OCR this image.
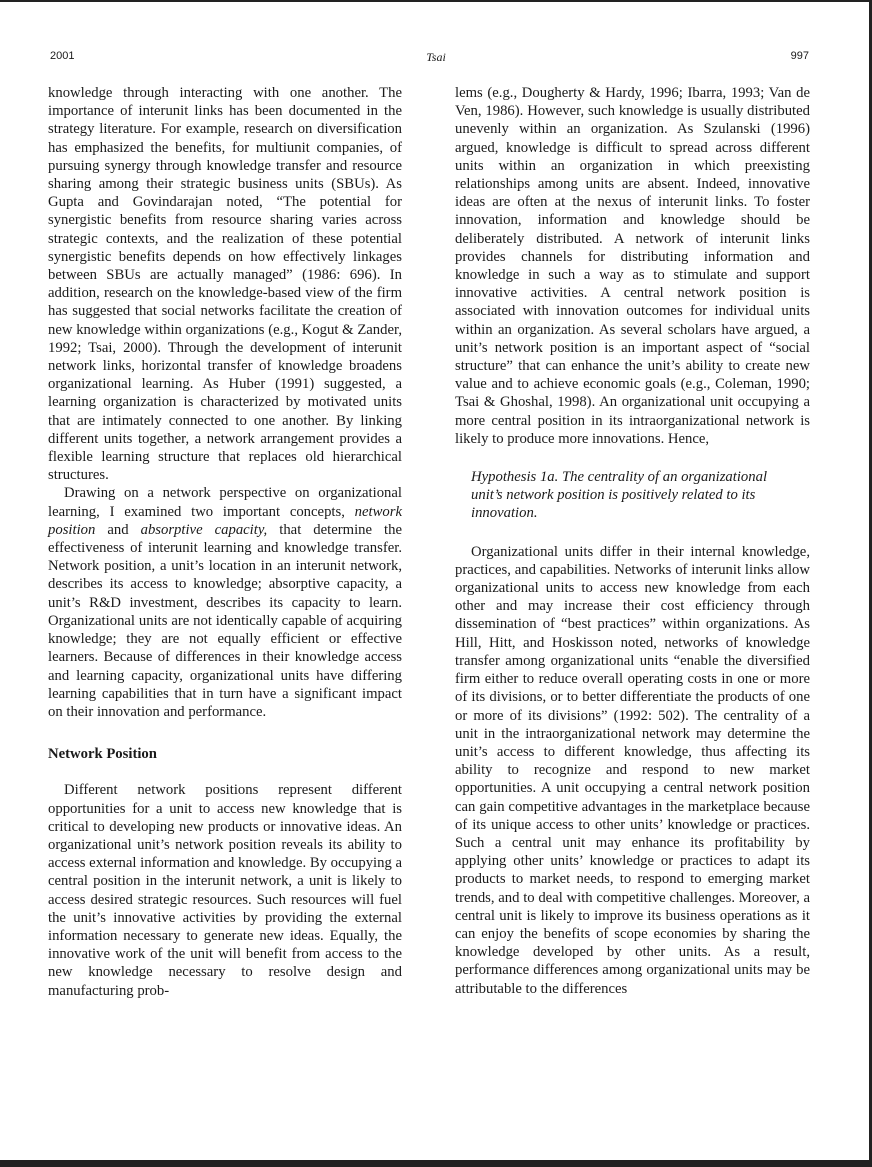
2001	Tsai	997

knowledge through interacting with one another. The importance of interunit links has been documented in the strategy literature. For example, research on diversification has emphasized the benefits, for multiunit companies, of pursuing synergy through knowledge transfer and resource sharing among their strategic business units (SBUs). As Gupta and Govindarajan noted, “The potential for synergistic benefits from resource sharing varies across strategic contexts, and the realization of these potential synergistic benefits depends on how effectively linkages between SBUs are actually managed” (1986: 696). In addition, research on the knowledge-based view of the firm has suggested that social networks facilitate the creation of new knowledge within organizations (e.g., Kogut & Zander, 1992; Tsai, 2000). Through the development of interunit network links, horizontal transfer of knowledge broadens organizational learning. As Huber (1991) suggested, a learning organization is characterized by motivated units that are intimately connected to one another. By linking different units together, a network arrangement provides a flexible learning structure that replaces old hierarchical structures.

Drawing on a network perspective on organizational learning, I examined two important concepts, network position and absorptive capacity, that determine the effectiveness of interunit learning and knowledge transfer. Network position, a unit’s location in an interunit network, describes its access to knowledge; absorptive capacity, a unit’s R&D investment, describes its capacity to learn. Organizational units are not identically capable of acquiring knowledge; they are not equally efficient or effective learners. Because of differences in their knowledge access and learning capacity, organizational units have differing learning capabilities that in turn have a significant impact on their innovation and performance.

Network Position

Different network positions represent different opportunities for a unit to access new knowledge that is critical to developing new products or innovative ideas. An organizational unit’s network position reveals its ability to access external information and knowledge. By occupying a central position in the interunit network, a unit is likely to access desired strategic resources. Such resources will fuel the unit’s innovative activities by providing the external information necessary to generate new ideas. Equally, the innovative work of the unit will benefit from access to the new knowledge necessary to resolve design and manufacturing prob-

lems (e.g., Dougherty & Hardy, 1996; Ibarra, 1993; Van de Ven, 1986). However, such knowledge is usually distributed unevenly within an organization. As Szulanski (1996) argued, knowledge is difficult to spread across different units within an organization in which preexisting relationships among units are absent. Indeed, innovative ideas are often at the nexus of interunit links. To foster innovation, information and knowledge should be deliberately distributed. A network of interunit links provides channels for distributing information and knowledge in such a way as to stimulate and support innovative activities. A central network position is associated with innovation outcomes for individual units within an organization. As several scholars have argued, a unit’s network position is an important aspect of “social structure” that can enhance the unit’s ability to create new value and to achieve economic goals (e.g., Coleman, 1990; Tsai & Ghoshal, 1998). An organizational unit occupying a more central position in its intraorganizational network is likely to produce more innovations. Hence,

Hypothesis 1a. The centrality of an organizational unit’s network position is positively related to its innovation.

Organizational units differ in their internal knowledge, practices, and capabilities. Networks of interunit links allow organizational units to access new knowledge from each other and may increase their cost efficiency through dissemination of “best practices” within organizations. As Hill, Hitt, and Hoskisson noted, networks of knowledge transfer among organizational units “enable the diversified firm either to reduce overall operating costs in one or more of its divisions, or to better differentiate the products of one or more of its divisions” (1992: 502). The centrality of a unit in the intraorganizational network may determine the unit’s access to different knowledge, thus affecting its ability to recognize and respond to new market opportunities. A unit occupying a central network position can gain competitive advantages in the marketplace because of its unique access to other units’ knowledge or practices. Such a central unit may enhance its profitability by applying other units’ knowledge or practices to adapt its products to market needs, to respond to emerging market trends, and to deal with competitive challenges. Moreover, a central unit is likely to improve its business operations as it can enjoy the benefits of scope economies by sharing the knowledge developed by other units. As a result, performance differences among organizational units may be attributable to the differences
